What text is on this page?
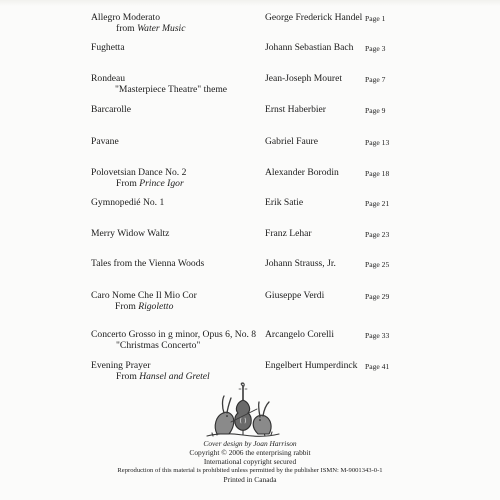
Allegro Moderato
from Water Music
George Frederick Handel Page 1
Fughetta	Johann Sebastian Bach Page 3
Rondeau
"Masterpiece Theatre" theme
Jean-Joseph Mouret	Page 7
Barcarolle	Ernst Haberbier	Page 9
Pavane	Gabriel Faure	Page 13
Polovetsian Dance No. 2
From Prince Igor
Alexander Borodin	Page 18
Gymnopedié No. 1	Erik Satie	Page 21
Merry Widow Waltz	Franz Lehar	Page 23
Tales from the Vienna Woods	Johann Strauss, Jr.	Page 25
Caro Nome Che Il Mio Cor
From Rigoletto
Giuseppe Verdi	Page 29
Concerto Grosso in g minor, Opus 6, No. 8
"Christmas Concerto"
Arcangelo Corelli	Page 33
Evening Prayer
From Hansel and Gretel
Engelbert Humperdinck Page 41
Cover design by Joan Harrison
Copyright © 2006 the enterprising rabbit
International copyright secured
Reproduction of this material is prohibited unless permitted by the publisher ISMN: M-9001343-0-1
Printed in Canada
